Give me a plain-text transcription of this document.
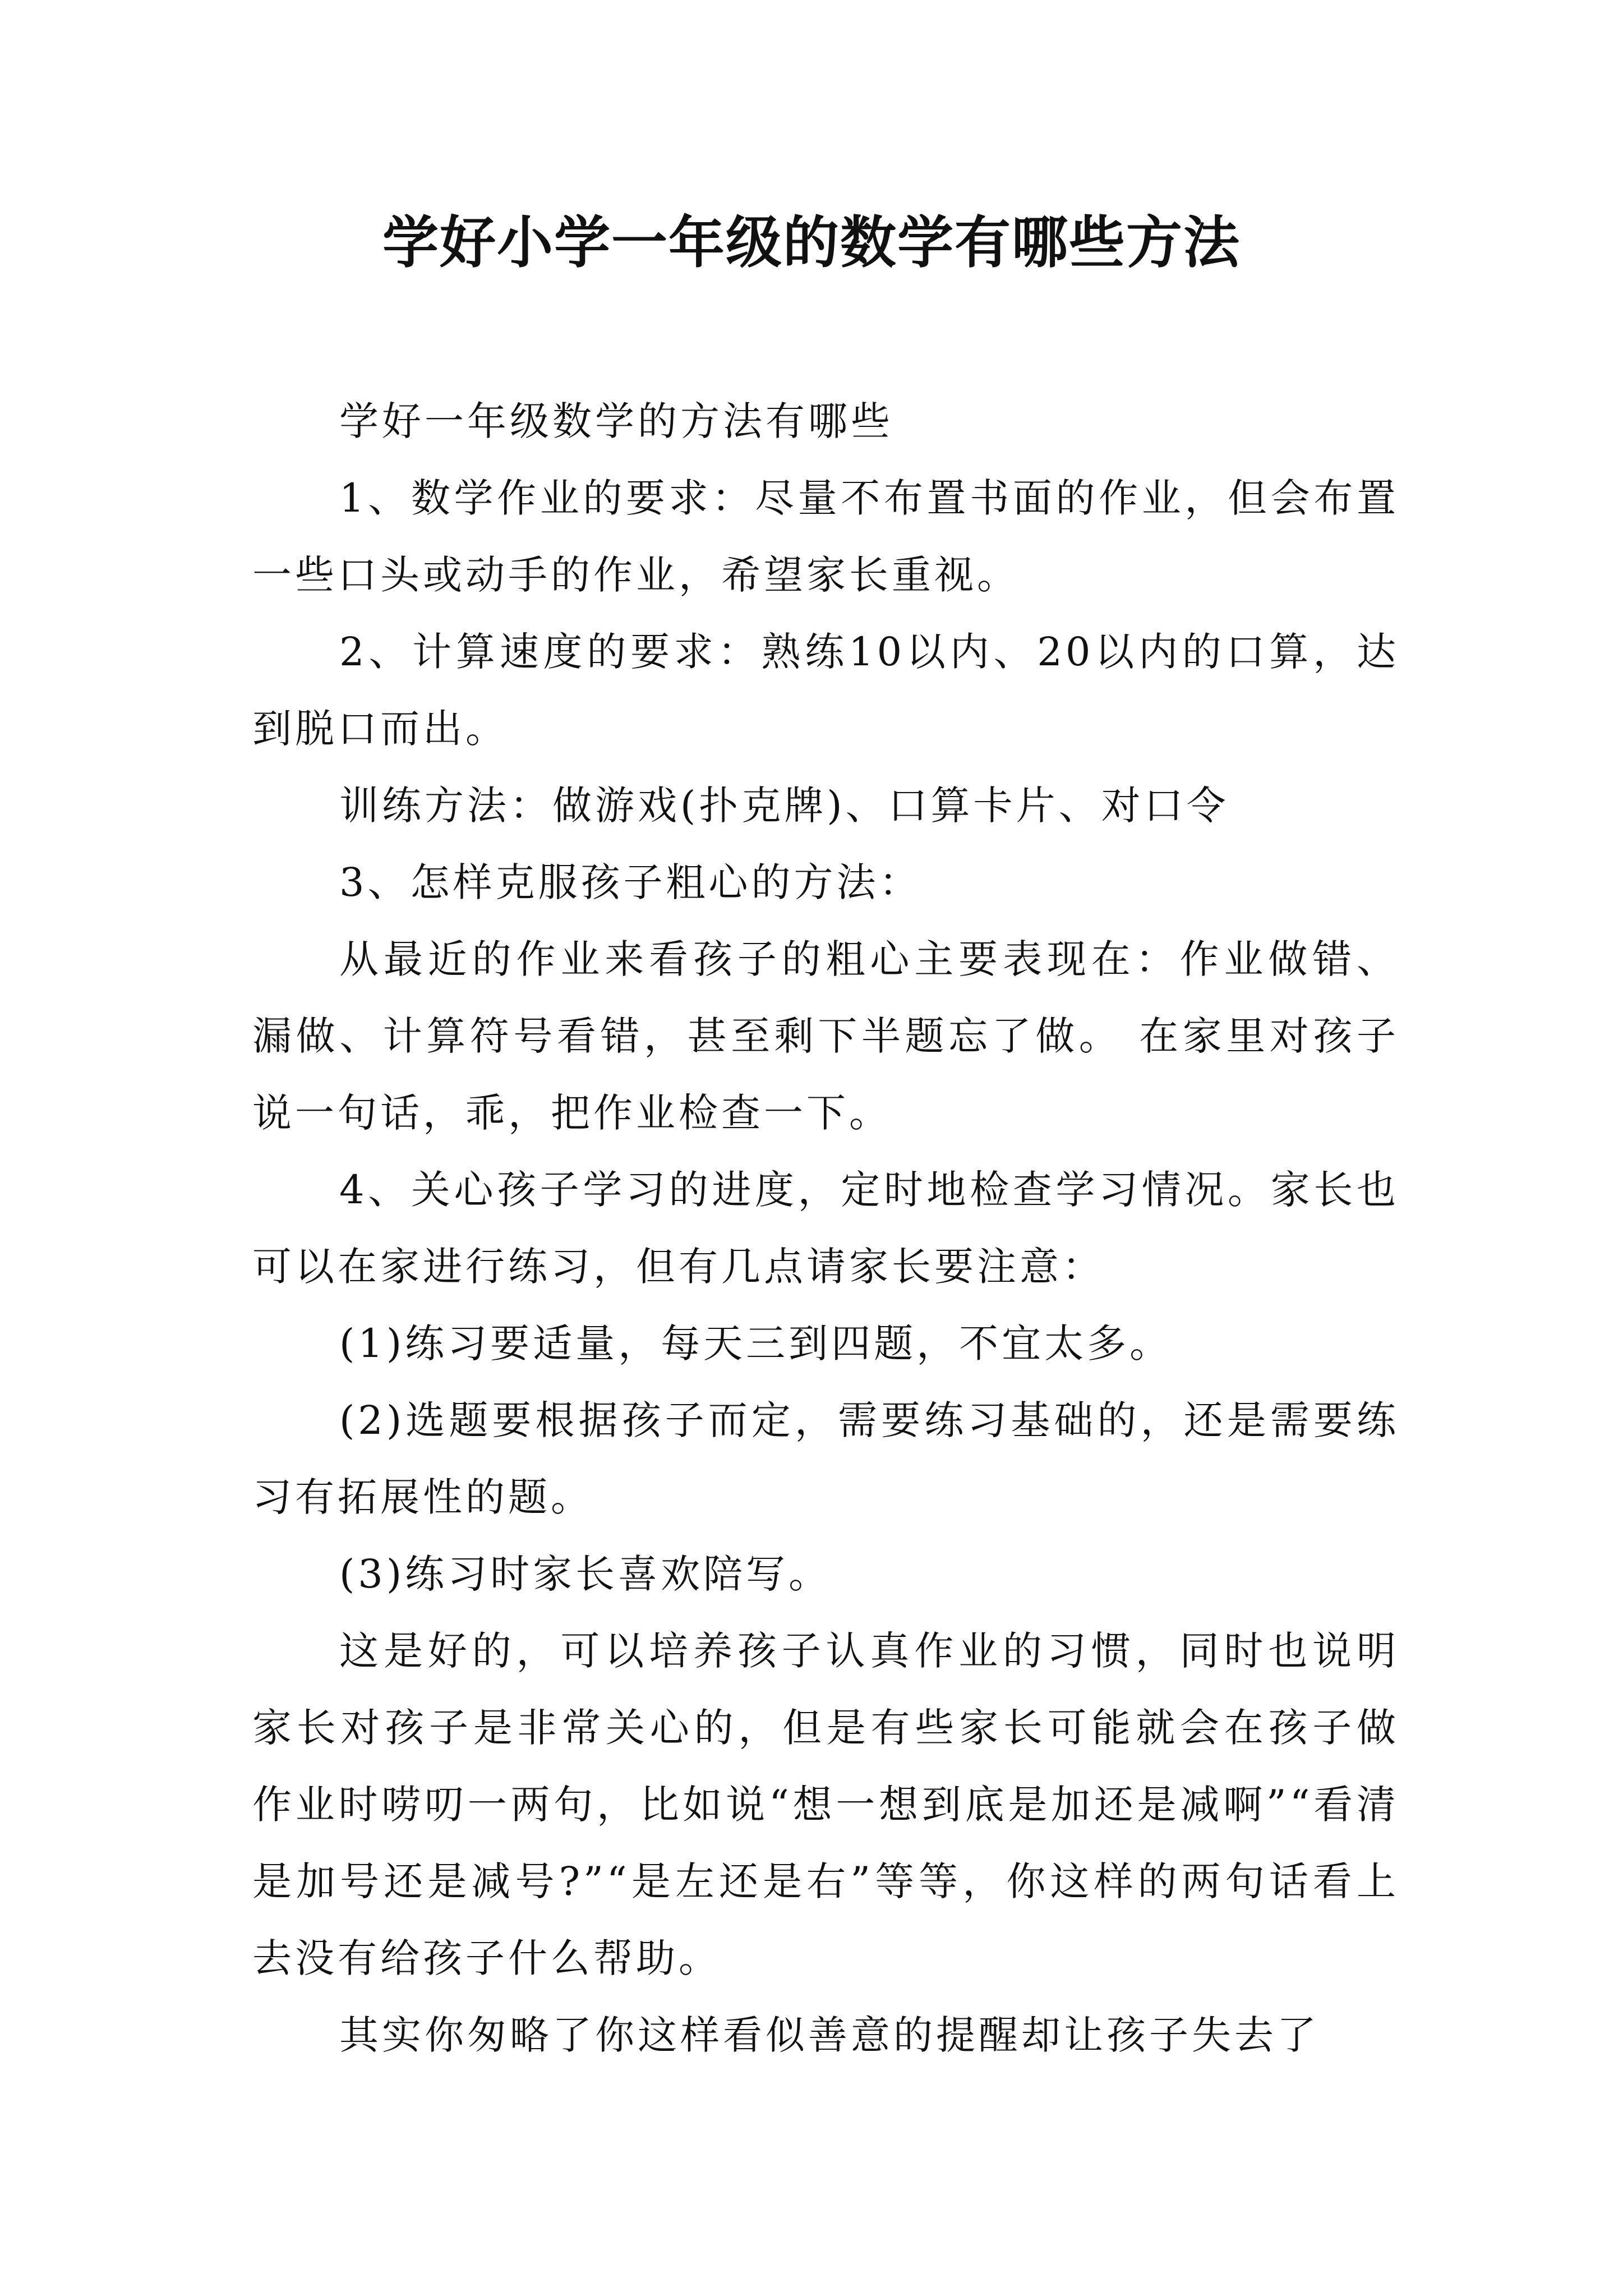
学好小学一年级的数学有哪些方法

学好一年级数学的方法有哪些

1、数学作业的要求：尽量不布置书面的作业，但会布置一些口头或动手的作业，希望家长重视。

2、计算速度的要求：熟练10以内、20以内的口算，达到脱口而出。

训练方法：做游戏(扑克牌)、口算卡片、对口令

3、怎样克服孩子粗心的方法：

从最近的作业来看孩子的粗心主要表现在：作业做错、漏做、计算符号看错，甚至剩下半题忘了做。 在家里对孩子说一句话，乖，把作业检查一下。

4、关心孩子学习的进度，定时地检查学习情况。家长也可以在家进行练习，但有几点请家长要注意：

(1)练习要适量，每天三到四题，不宜太多。

(2)选题要根据孩子而定，需要练习基础的，还是需要练习有拓展性的题。

(3)练习时家长喜欢陪写。

这是好的，可以培养孩子认真作业的习惯，同时也说明家长对孩子是非常关心的，但是有些家长可能就会在孩子做作业时唠叨一两句，比如说“想一想到底是加还是减啊”“看清是加号还是减号?”“是左还是右”等等，你这样的两句话看上去没有给孩子什么帮助。

其实你匆略了你这样看似善意的提醒却让孩子失去了
